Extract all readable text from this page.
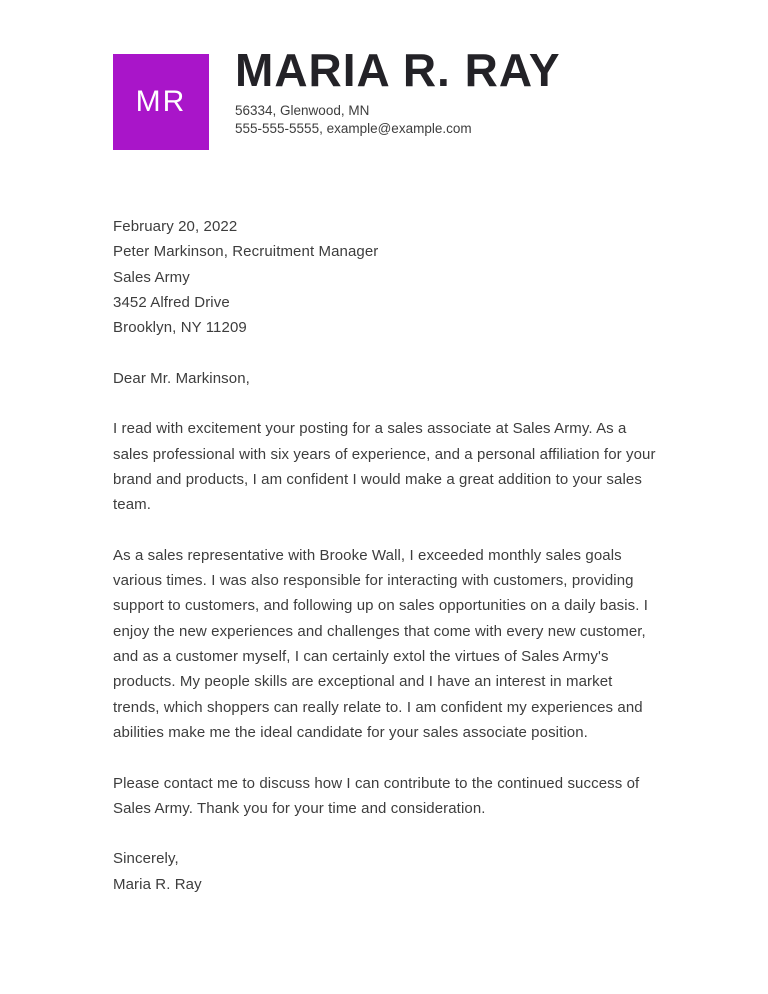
MR
MARIA R. RAY
56334, Glenwood, MN
555-555-5555, example@example.com

February 20, 2022
Peter Markinson, Recruitment Manager
Sales Army
3452 Alfred Drive
Brooklyn, NY 11209

Dear Mr. Markinson,

I read with excitement your posting for a sales associate at Sales Army. As a sales professional with six years of experience, and a personal affiliation for your brand and products, I am confident I would make a great addition to your sales team.

As a sales representative with Brooke Wall, I exceeded monthly sales goals various times. I was also responsible for interacting with customers, providing support to customers, and following up on sales opportunities on a daily basis. I enjoy the new experiences and challenges that come with every new customer, and as a customer myself, I can certainly extol the virtues of Sales Army's products. My people skills are exceptional and I have an interest in market trends, which shoppers can really relate to. I am confident my experiences and abilities make me the ideal candidate for your sales associate position.

Please contact me to discuss how I can contribute to the continued success of Sales Army. Thank you for your time and consideration.

Sincerely,
Maria R. Ray
